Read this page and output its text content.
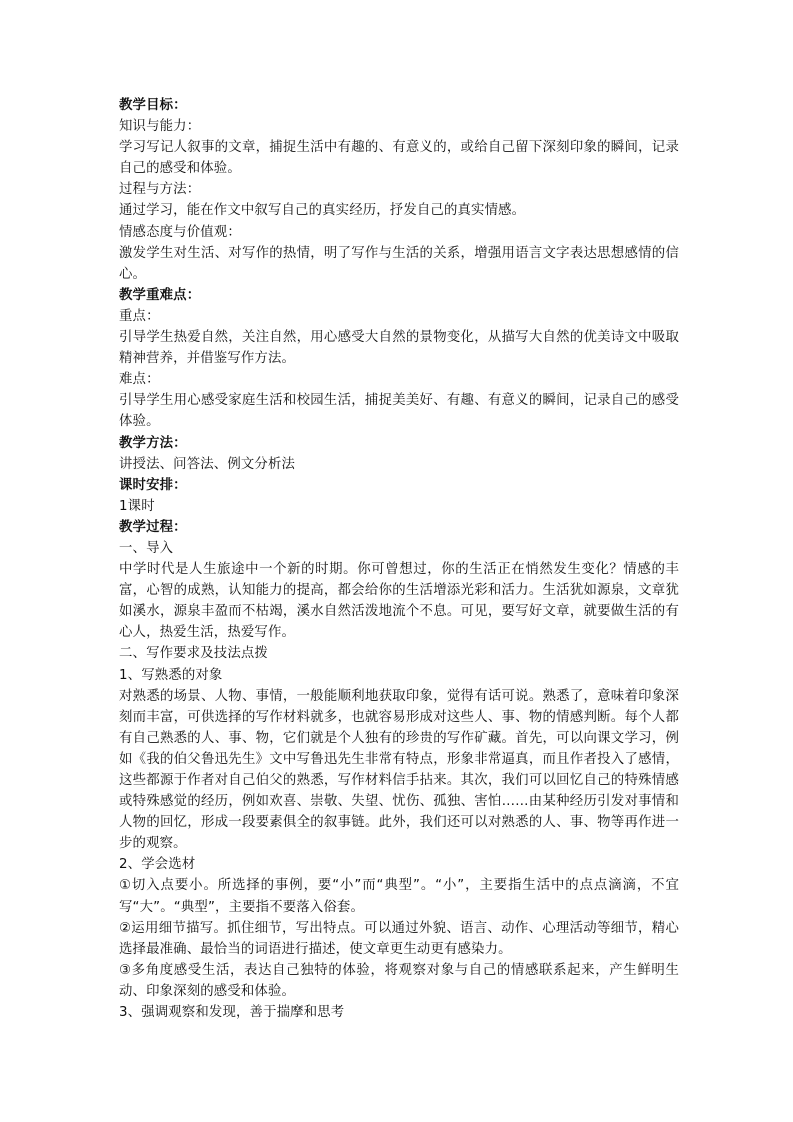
教学目标：

知识与能力：

学习写记人叙事的文章，捕捉生活中有趣的、有意义的，或给自己留下深刻印象的瞬间，记录自己的感受和体验。

过程与方法：

通过学习，能在作文中叙写自己的真实经历，抒发自己的真实情感。

情感态度与价值观：

激发学生对生活、对写作的热情，明了写作与生活的关系，增强用语言文字表达思想感情的信心。

教学重难点：

重点：

引导学生热爱自然，关注自然，用心感受大自然的景物变化，从描写大自然的优美诗文中吸取精神营养，并借鉴写作方法。

难点：

引导学生用心感受家庭生活和校园生活，捕捉美美好、有趣、有意义的瞬间，记录自己的感受体验。

教学方法：

讲授法、问答法、例文分析法

课时安排：

1课时

教学过程：

一、导入

中学时代是人生旅途中一个新的时期。你可曾想过，你的生活正在悄然发生变化？情感的丰富，心智的成熟，认知能力的提高，都会给你的生活增添光彩和活力。生活犹如源泉，文章犹如溪水，源泉丰盈而不枯竭，溪水自然活泼地流个不息。可见，要写好文章，就要做生活的有心人，热爱生活，热爱写作。

二、写作要求及技法点拨

1、写熟悉的对象

对熟悉的场景、人物、事情，一般能顺利地获取印象，觉得有话可说。熟悉了，意味着印象深刻而丰富，可供选择的写作材料就多，也就容易形成对这些人、事、物的情感判断。每个人都有自己熟悉的人、事、物，它们就是个人独有的珍贵的写作矿藏。首先，可以向课文学习，例如《我的伯父鲁迅先生》文中写鲁迅先生非常有特点，形象非常逼真，而且作者投入了感情，这些都源于作者对自己伯父的熟悉，写作材料信手拈来。其次，我们可以回忆自己的特殊情感或特殊感觉的经历，例如欢喜、崇敬、失望、忧伤、孤独、害怕……由某种经历引发对事情和人物的回忆，形成一段要素俱全的叙事链。此外，我们还可以对熟悉的人、事、物等再作进一步的观察。

2、学会选材

①切入点要小。所选择的事例，要“小”而“典型”。“小”，主要指生活中的点点滴滴，不宜写“大”。“典型”，主要指不要落入俗套。

②运用细节描写。抓住细节，写出特点。可以通过外貌、语言、动作、心理活动等细节，精心选择最准确、最恰当的词语进行描述，使文章更生动更有感染力。

③多角度感受生活，表达自己独特的体验，将观察对象与自己的情感联系起来，产生鲜明生动、印象深刻的感受和体验。

3、强调观察和发现，善于揣摩和思考
